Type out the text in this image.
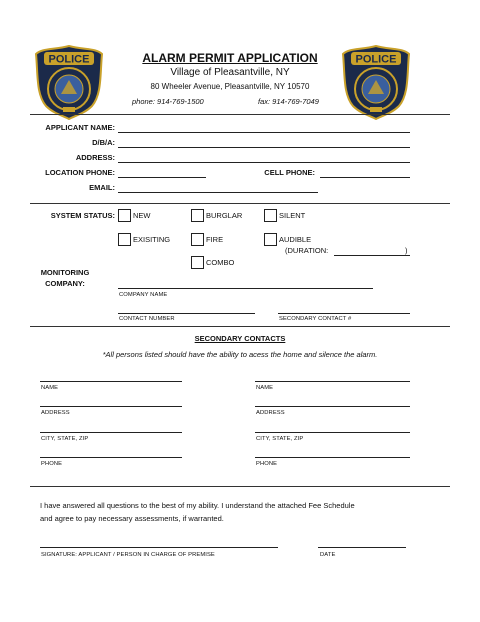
POLICE	POLICE
ALARM PERMIT APPLICATION
Village of Pleasantville, NY
80 Wheeler Avenue, Pleasantville, NY 10570
phone: 914-769-1500	fax: 914-769-7049
APPLICANT NAME:
D/B/A:
ADDRESS:
LOCATION PHONE:	CELL PHONE:
EMAIL:
SYSTEM STATUS: NEW
EXISITING
BURGLAR
FIRE
COMBO
SILENT
AUDIBLE
(DURATION:	)
MONITORING
COMPANY:
COMPANY NAME
CONTACT NUMBER	SECONDARY CONTACT #
SECONDARY CONTACTS
*All persons listed should have the ability to acess the home and silence the alarm.
NAME
ADDRESS
CITY, STATE, ZIP
PHONE
NAME
ADDRESS
CITY, STATE, ZIP
PHONE
I have answered all questions to the best of my ability. I understand the attached Fee Schedule
and agree to pay necessary assessments, if warranted.
SIGNATURE: APPLICANT / PERSON IN CHARGE OF PREMISE	DATE
